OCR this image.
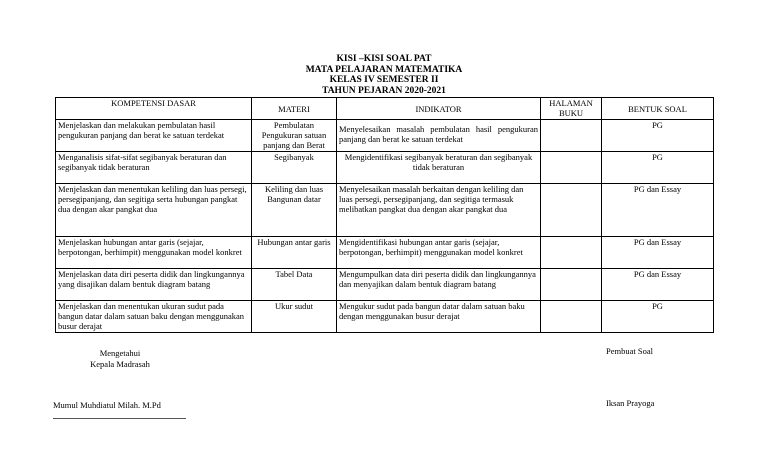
KISI –KISI SOAL PAT
MATA PELAJARAN MATEMATIKA
KELAS IV SEMESTER II
TAHUN PEJARAN 2020-2021
KOMPETENSI DASAR	MATERI	INDIKATOR	HALAMAN BUKU	BENTUK SOAL
Menjelaskan dan melakukan pembulatan hasil pengukuran panjang dan berat ke satuan terdekat	Pembulatan Pengukuran satuan panjang dan Berat	Menyelesaikan masalah pembulatan hasil pengukuran panjang dan berat ke satuan terdekat		PG
Menganalisis sifat-sifat segibanyak beraturan dan segibanyak tidak beraturan	Segibanyak	Mengidentifikasi segibanyak beraturan dan segibanyak tidak beraturan		PG
Menjelaskan dan menentukan keliling dan luas persegi, persegipanjang, dan segitiga serta hubungan pangkat dua dengan akar pangkat dua	Keliling dan luas Bangunan datar	Menyelesaikan masalah berkaitan dengan keliling dan luas persegi, persegipanjang, dan segitiga termasuk melibatkan pangkat dua dengan akar pangkat dua		PG dan Essay
Menjelaskan hubungan antar garis (sejajar, berpotongan, berhimpit) menggunakan model konkret	Hubungan antar garis	Mengidentifikasi hubungan antar garis (sejajar, berpotongan, berhimpit) menggunakan model konkret		PG dan Essay
Menjelaskan data diri peserta didik dan lingkungannya yang disajikan dalam bentuk diagram batang	Tabel Data	Mengumpulkan data diri peserta didik dan lingkungannya dan menyajikan dalam bentuk diagram batang		PG dan Essay
Menjelaskan dan menentukan ukuran sudut pada bangun datar dalam satuan baku dengan menggunakan busur derajat	Ukur sudut	Mengukur sudut pada bangun datar dalam satuan baku dengan menggunakan busur derajat		PG
Mengetahui
Kepala Madrasah
Pembuat Soal
Mumul Muhdiatul Milah. M.Pd	Iksan Prayoga
